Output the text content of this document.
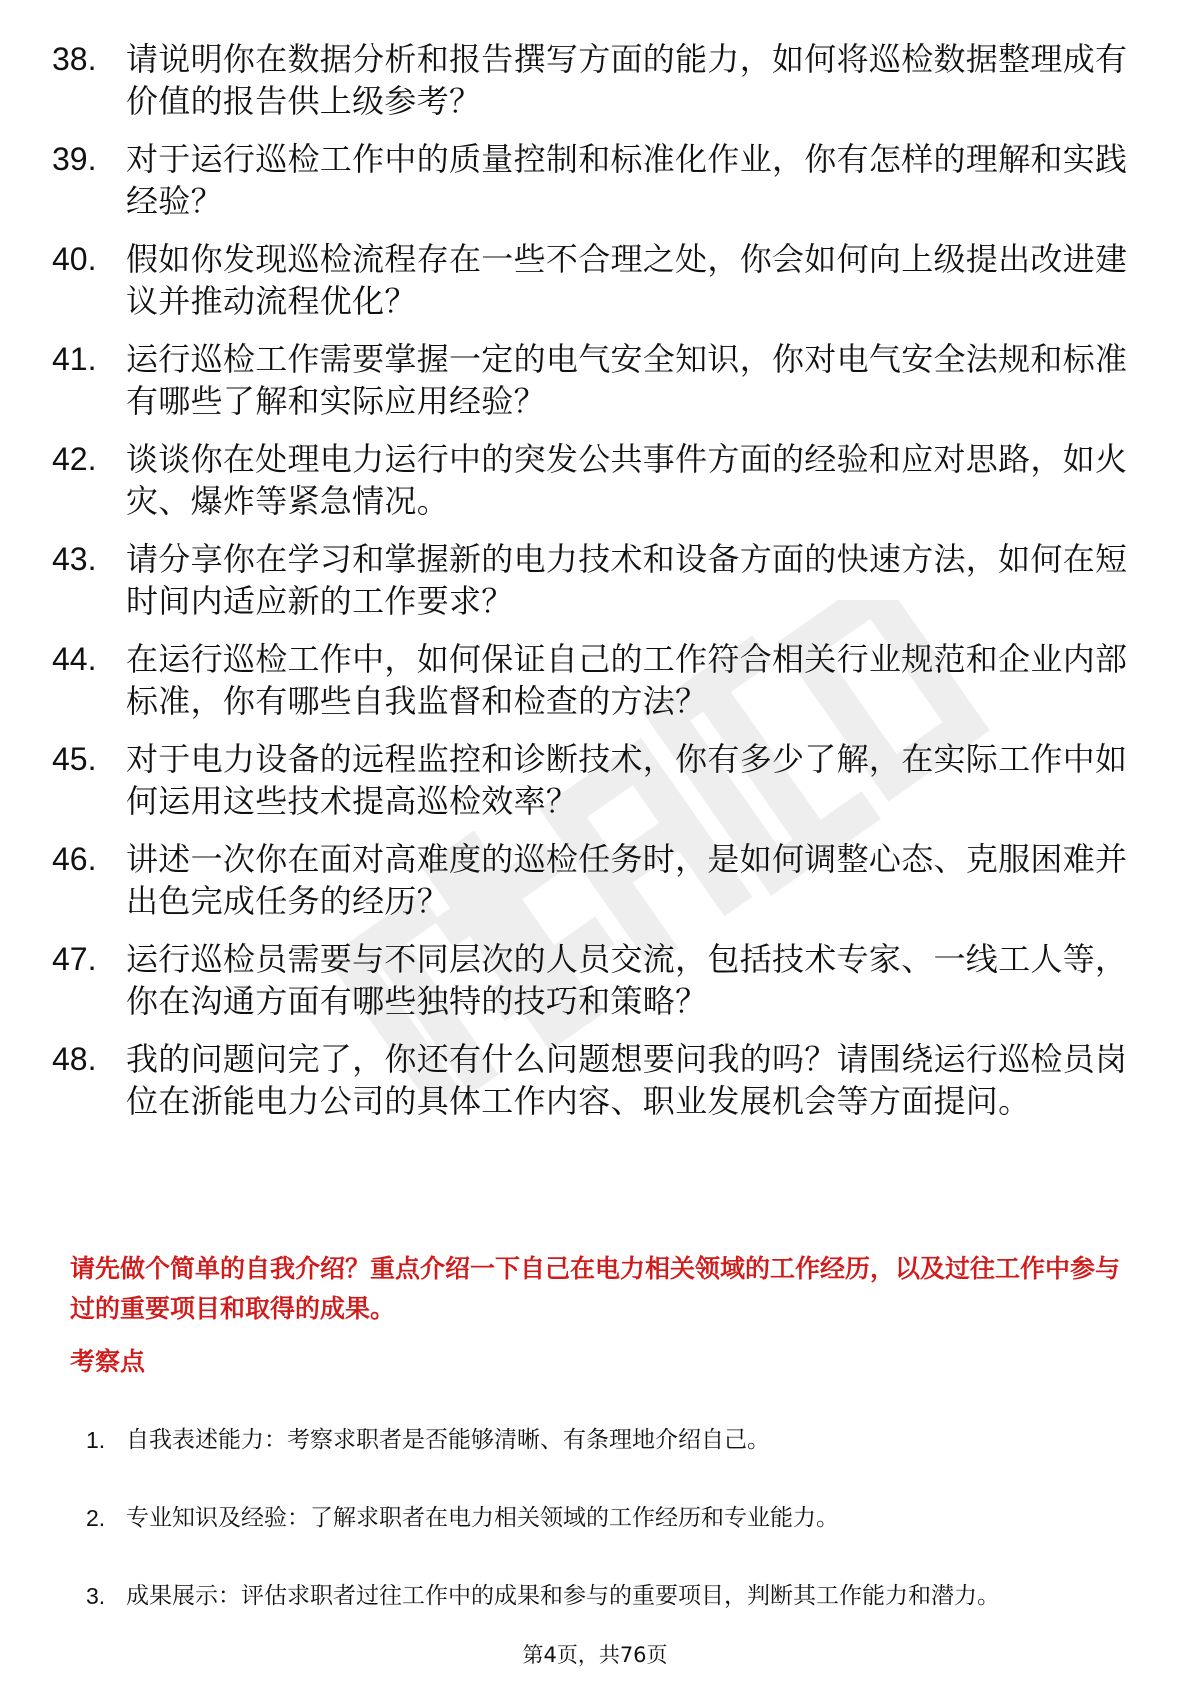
38. 请说明你在数据分析和报告撰写方面的能力，如何将巡检数据整理成有价值的报告供上级参考？
39. 对于运行巡检工作中的质量控制和标准化作业，你有怎样的理解和实践经验？
40. 假如你发现巡检流程存在一些不合理之处，你会如何向上级提出改进建议并推动流程优化？
41. 运行巡检工作需要掌握一定的电气安全知识，你对电气安全法规和标准有哪些了解和实际应用经验？
42. 谈谈你在处理电力运行中的突发公共事件方面的经验和应对思路，如火灾、爆炸等紧急情况。
43. 请分享你在学习和掌握新的电力技术和设备方面的快速方法，如何在短时间内适应新的工作要求？
44. 在运行巡检工作中，如何保证自己的工作符合相关行业规范和企业内部标准，你有哪些自我监督和检查的方法？
45. 对于电力设备的远程监控和诊断技术，你有多少了解，在实际工作中如何运用这些技术提高巡检效率？
46. 讲述一次你在面对高难度的巡检任务时，是如何调整心态、克服困难并出色完成任务的经历？
47. 运行巡检员需要与不同层次的人员交流，包括技术专家、一线工人等，你在沟通方面有哪些独特的技巧和策略？
48. 我的问题问完了，你还有什么问题想要问我的吗？请围绕运行巡检员岗位在浙能电力公司的具体工作内容、职业发展机会等方面提问。
请先做个简单的自我介绍？重点介绍一下自己在电力相关领域的工作经历，以及过往工作中参与过的重要项目和取得的成果。
考察点
1. 自我表述能力：考察求职者是否能够清晰、有条理地介绍自己。
2. 专业知识及经验：了解求职者在电力相关领域的工作经历和专业能力。
3. 成果展示：评估求职者过往工作中的成果和参与的重要项目，判断其工作能力和潜力。
第4页，共76页
